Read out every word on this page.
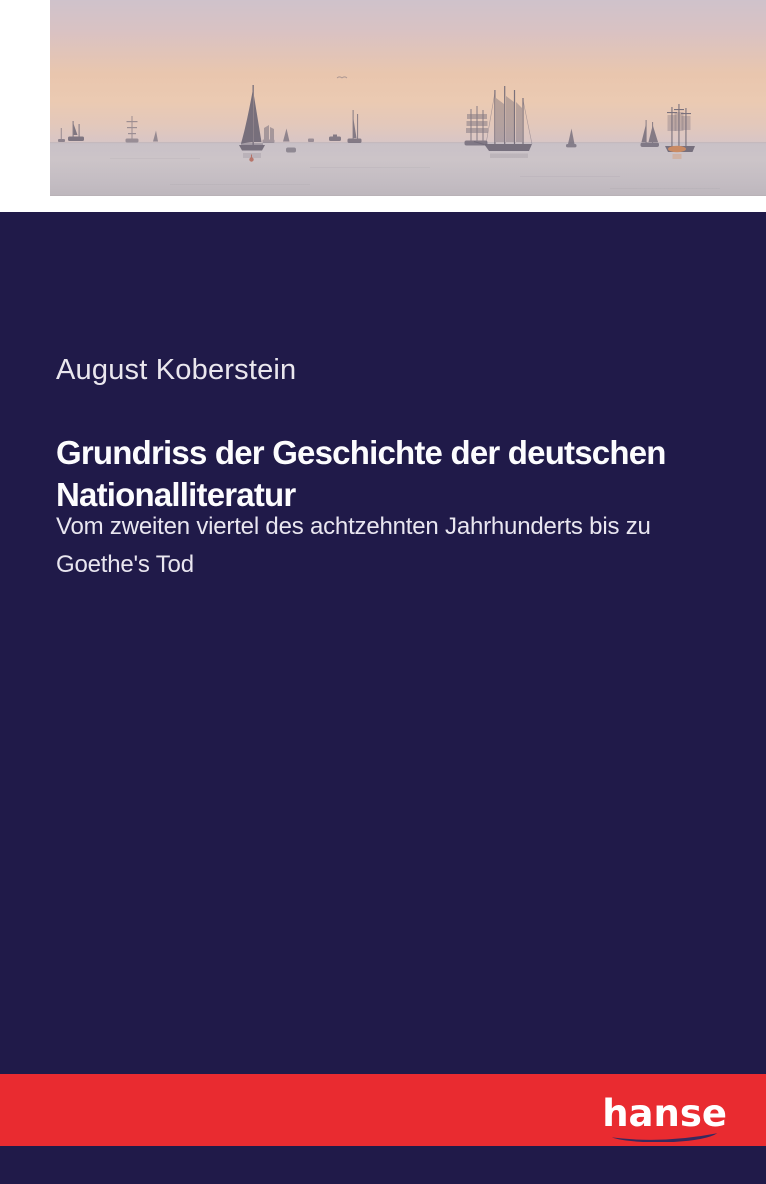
August Koberstein
Grundriss der Geschichte der deutschen
Nationalliteratur
Vom zweiten viertel des achtzehnten Jahrhunderts bis zu
Goethe's Tod
hanse
